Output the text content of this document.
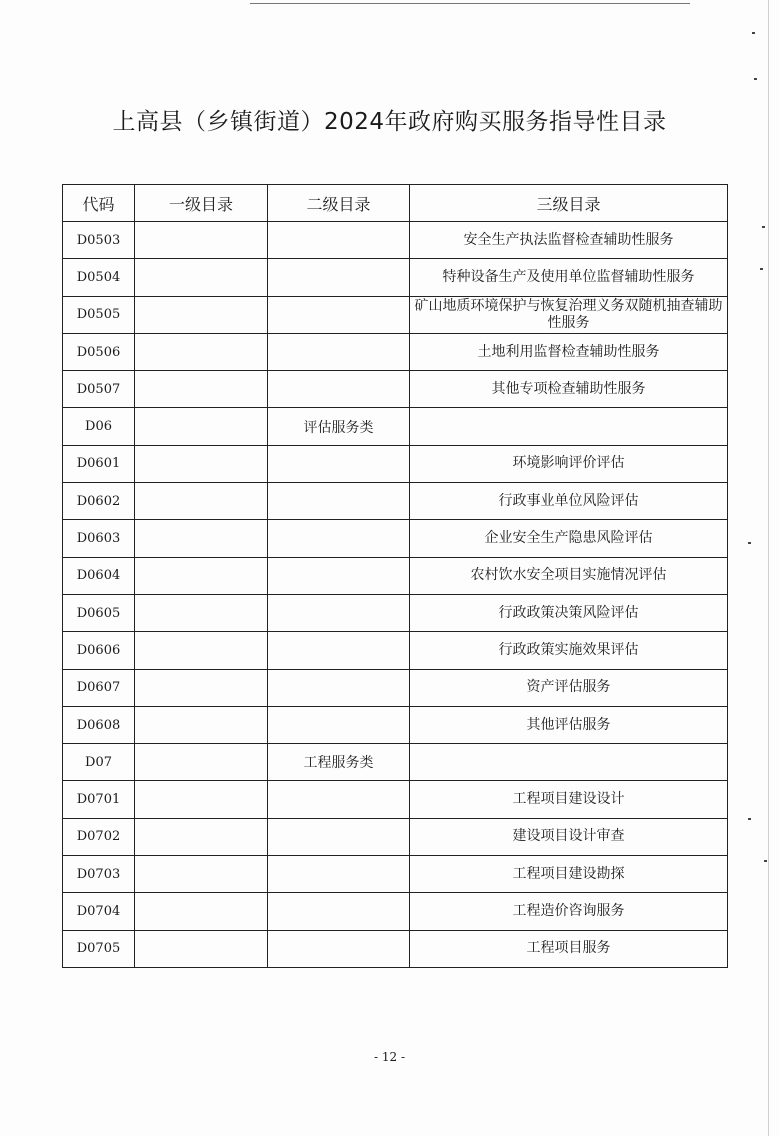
上高县（乡镇街道）2024年政府购买服务指导性目录
代码	一级目录	二级目录	三级目录
D0503			安全生产执法监督检查辅助性服务
D0504			特种设备生产及使用单位监督辅助性服务
D0505			矿山地质环境保护与恢复治理义务双随机抽查辅助性服务
D0506			土地利用监督检查辅助性服务
D0507			其他专项检查辅助性服务
D06		评估服务类	
D0601			环境影响评价评估
D0602			行政事业单位风险评估
D0603			企业安全生产隐患风险评估
D0604			农村饮水安全项目实施情况评估
D0605			行政政策决策风险评估
D0606			行政政策实施效果评估
D0607			资产评估服务
D0608			其他评估服务
D07		工程服务类	
D0701			工程项目建设设计
D0702			建设项目设计审查
D0703			工程项目建设勘探
D0704			工程造价咨询服务
D0705			工程项目服务
- 12 -
